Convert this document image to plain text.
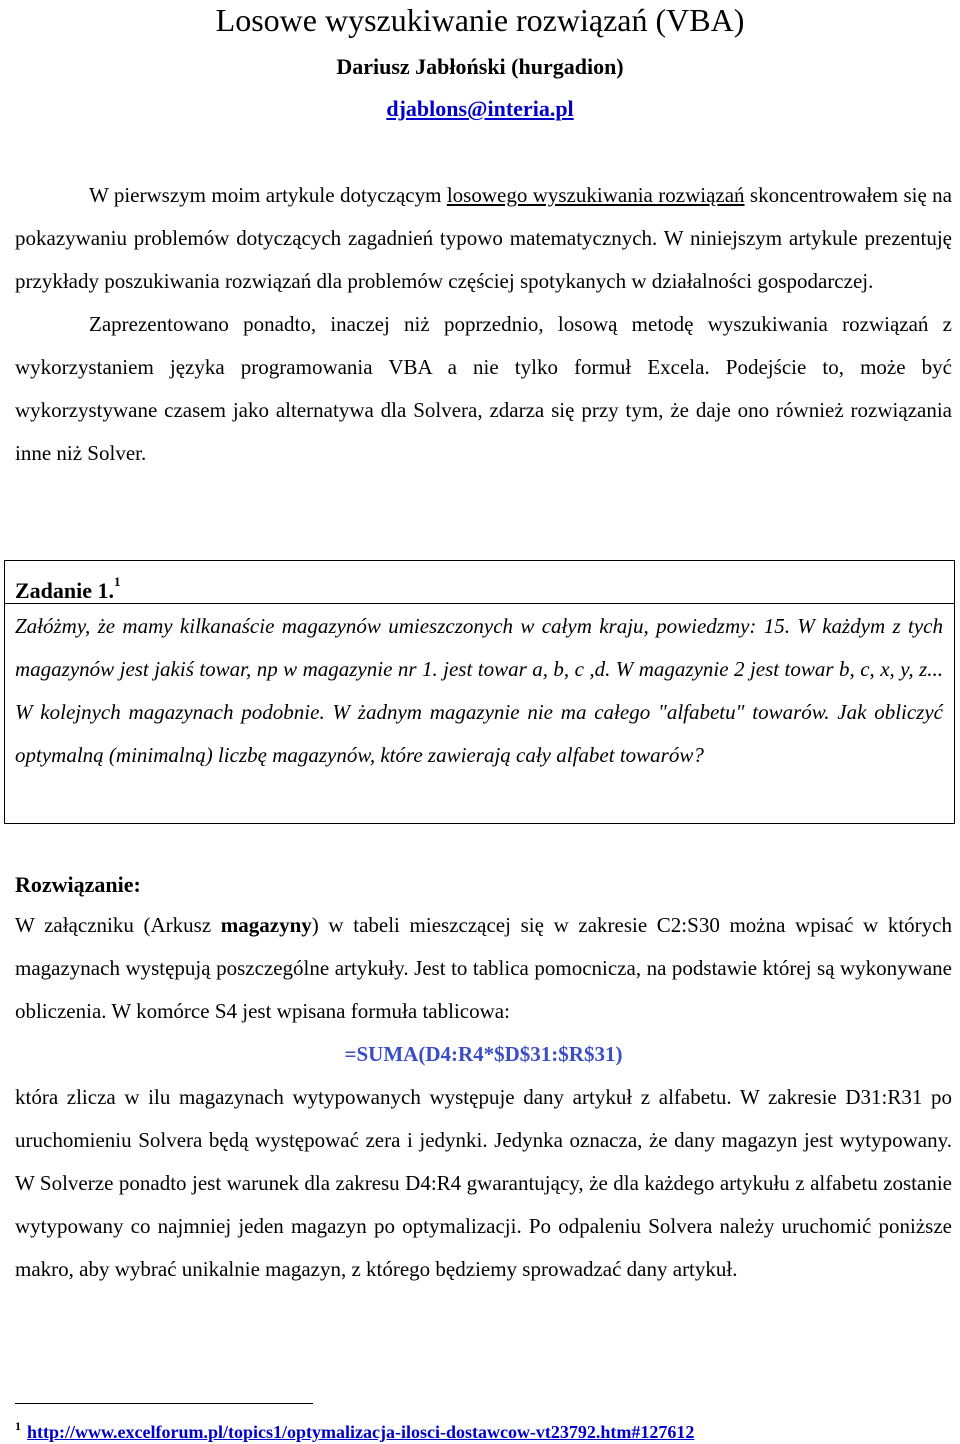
Losowe wyszukiwanie rozwiązań (VBA)
Dariusz Jabłoński (hurgadion)
djablons@interia.pl

W pierwszym moim artykule dotyczącym losowego wyszukiwania rozwiązań skoncentrowałem się na pokazywaniu problemów dotyczących zagadnień typowo matematycznych. W niniejszym artykule prezentuję przykłady poszukiwania rozwiązań dla problemów częściej spotykanych w działalności gospodarczej.

Zaprezentowano ponadto, inaczej niż poprzednio, losową metodę wyszukiwania rozwiązań z wykorzystaniem języka programowania VBA a nie tylko formuł Excela. Podejście to, może być wykorzystywane czasem jako alternatywa dla Solvera, zdarza się przy tym, że daje ono również rozwiązania inne niż Solver.

Zadanie 1.$^1$
Załóżmy, że mamy kilkanaście magazynów umieszczonych w całym kraju, powiedzmy: 15. W każdym z tych magazynów jest jakiś towar, np w magazynie nr 1. jest towar a, b, c ,d. W magazynie 2 jest towar b, c, x, y, z... W kolejnych magazynach podobnie. W żadnym magazynie nie ma całego "alfabetu" towarów. Jak obliczyć optymalną (minimalną) liczbę magazynów, które zawierają cały alfabet towarów?
Rozwiązanie:

W załączniku (Arkusz magazyny) w tabeli mieszczącej się w zakresie C2:S30 można wpisać w których magazynach występują poszczególne artykuły. Jest to tablica pomocnicza, na podstawie której są wykonywane obliczenia. W komórce S4 jest wpisana formuła tablicowa:

=SUMA(D4:R4*$D$31:$R$31)

która zlicza w ilu magazynach wytypowanych występuje dany artykuł z alfabetu. W zakresie D31:R31 po uruchomieniu Solvera będą występować zera i jedynki. Jedynka oznacza, że dany magazyn jest wytypowany. W Solverze ponadto jest warunek dla zakresu D4:R4 gwarantujący, że dla każdego artykułu z alfabetu zostanie wytypowany co najmniej jeden magazyn po optymalizacji. Po odpaleniu Solvera należy uruchomić poniższe makro, aby wybrać unikalnie magazyn, z którego będziemy sprowadzać dany artykuł.

$^1$ http://www.excelforum.pl/topics1/optymalizacja-ilosci-dostawcow-vt23792.htm#127612
